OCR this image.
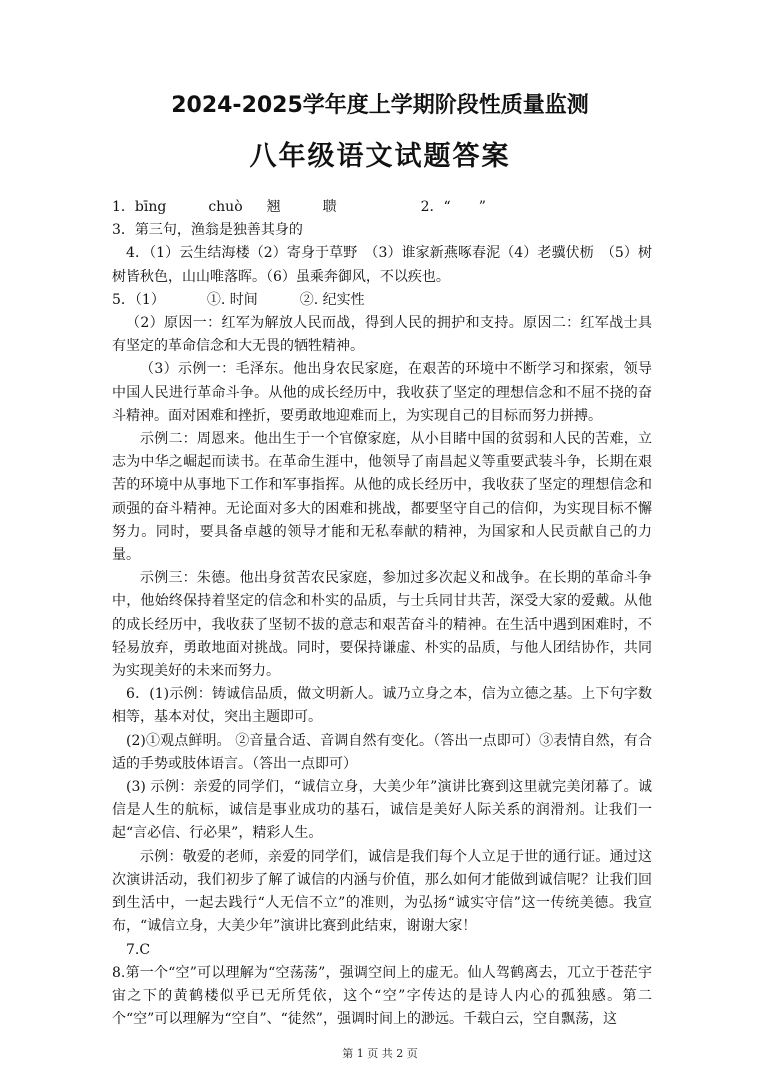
2024-2025学年度上学期阶段性质量监测
八年级语文试题答案

1．bīng	chuò 翘	聩	2．“　　”

3．第三句，渔翁是独善其身的

4．（1）云生结海楼（2）寄身于草野　（3）谁家新燕啄春泥（4）老骥伏枥　（5）树树皆秋色，山山唯落晖。（6）虽乘奔御风，不以疾也。

5．（1）	①. 时间	②. 纪实性

（2）原因一：红军为解放人民而战，得到人民的拥护和支持。原因二：红军战士具有坚定的革命信念和大无畏的牺牲精神。

（3）示例一：毛泽东。他出身农民家庭，在艰苦的环境中不断学习和探索，领导中国人民进行革命斗争。从他的成长经历中，我收获了坚定的理想信念和不屈不挠的奋斗精神。面对困难和挫折，要勇敢地迎难而上，为实现自己的目标而努力拼搏。

示例二：周恩来。他出生于一个官僚家庭，从小目睹中国的贫弱和人民的苦难，立志为中华之崛起而读书。在革命生涯中，他领导了南昌起义等重要武装斗争，长期在艰苦的环境中从事地下工作和军事指挥。从他的成长经历中，我收获了坚定的理想信念和顽强的奋斗精神。无论面对多大的困难和挑战，都要坚守自己的信仰，为实现目标不懈努力。同时，要具备卓越的领导才能和无私奉献的精神，为国家和人民贡献自己的力量。

示例三：朱德。他出身贫苦农民家庭，参加过多次起义和战争。在长期的革命斗争中，他始终保持着坚定的信念和朴实的品质，与士兵同甘共苦，深受大家的爱戴。从他的成长经历中，我收获了坚韧不拔的意志和艰苦奋斗的精神。在生活中遇到困难时，不轻易放弃，勇敢地面对挑战。同时，要保持谦虚、朴实的品质，与他人团结协作，共同为实现美好的未来而努力。

6．(1)示例：铸诚信品质，做文明新人。诚乃立身之本，信为立德之基。上下句字数相等，基本对仗，突出主题即可。

(2)①观点鲜明。 ②音量合适、音调自然有变化。（答出一点即可）③表情自然，有合适的手势或肢体语言。（答出一点即可）

(3) 示例：亲爱的同学们，“诚信立身，大美少年”演讲比赛到这里就完美闭幕了。诚信是人生的航标，诚信是事业成功的基石，诚信是美好人际关系的润滑剂。让我们一起“言必信、行必果”，精彩人生。

示例：敬爱的老师，亲爱的同学们，诚信是我们每个人立足于世的通行证。通过这次演讲活动，我们初步了解了诚信的内涵与价值，那么如何才能做到诚信呢？让我们回到生活中，一起去践行“人无信不立”的准则，为弘扬“诚实守信”这一传统美德。我宣布，“诚信立身，大美少年”演讲比赛到此结束，谢谢大家！

7.C

8.第一个“空”可以理解为“空荡荡”，强调空间上的虚无。仙人驾鹤离去，兀立于苍茫宇宙之下的黄鹤楼似乎已无所凭依，这个“空”字传达的是诗人内心的孤独感。第二个“空”可以理解为“空自”、“徒然”，强调时间上的渺远。千载白云，空自飘荡，这

第 1 页 共 2 页
